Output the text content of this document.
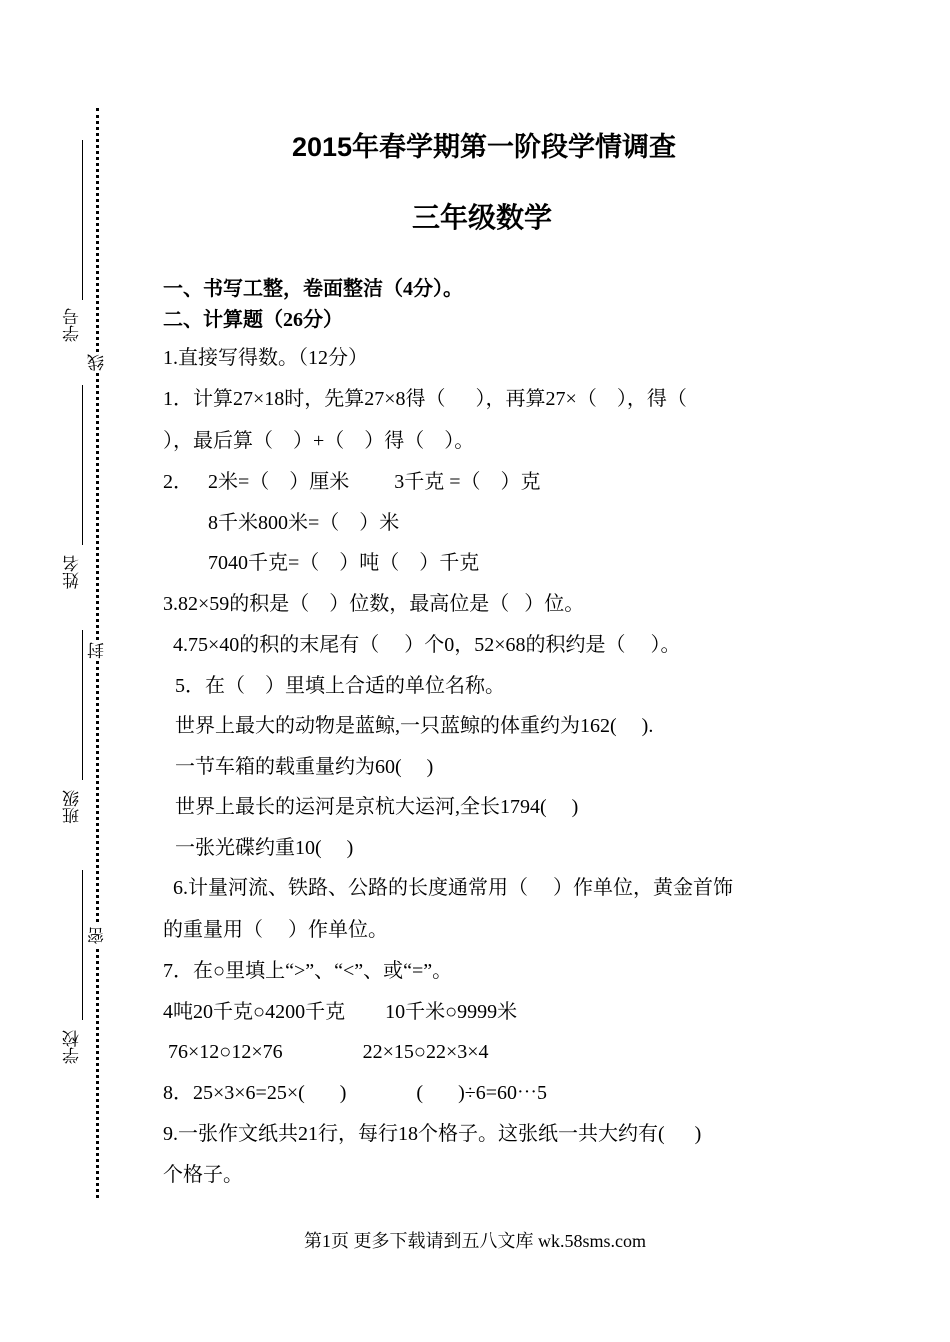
学号
姓名
班级
学校
线
封
密
2015年春学期第一阶段学情调查
三年级数学
一、书写工整，卷面整洁（4分）。
二、计算题（26分）
1.直接写得数。（12分）
1．计算27×18时，先算27×8得（      ），再算27×（    ），得（
），最后算（    ）+（    ）得（    ）。
2．   2米=（    ）厘米         3千克 =（    ）克
8千米800米=（    ）米
7040千克=（    ）吨（    ）千克
3.82×59的积是（    ）位数，最高位是（   ）位。
4.75×40的积的末尾有（     ）个0，52×68的积约是（     ）。
5．在（    ）里填上合适的单位名称。
世界上最大的动物是蓝鲸,一只蓝鲸的体重约为162(     ).
一节车箱的载重量约为60(     )
世界上最长的运河是京杭大运河,全长1794(     )
一张光碟约重10(     )
6.计量河流、铁路、公路的长度通常用（     ）作单位，黄金首饰
的重量用（     ）作单位。
7．在○里填上“>”、“<”、或“=”。
4吨20千克○4200千克        10千米○9999米
76×12○12×76                22×15○22×3×4
8．25×3×6=25×(       )              (       )÷6=60⋯5
9.一张作文纸共21行，每行18个格子。这张纸一共大约有(      )
个格子。
第1页 更多下载请到五八文库 wk.58sms.com
